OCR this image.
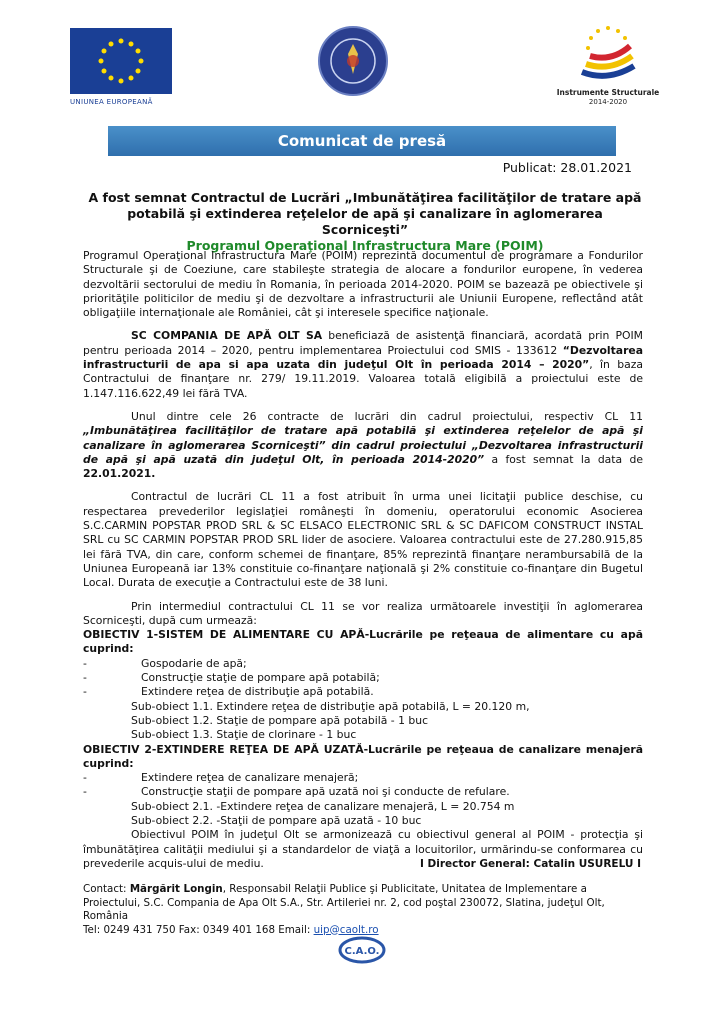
UNIUNEA EUROPEANĂ
Instrumente Structurale
2014-2020
Comunicat de presă
Publicat: 28.01.2021
A fost semnat Contractul de Lucrări „Imbunătăţirea facilităţilor de tratare apă potabilă şi extinderea reţelelor de apă şi canalizare în aglomerarea Scorniceşti”
Programul Operaţional Infrastructura Mare (POIM)

Programul Operaţional Infrastructura Mare (POIM) reprezintă documentul de programare a Fondurilor Structurale şi de Coeziune, care stabileşte strategia de alocare a fondurilor europene, în vederea dezvoltării sectorului de mediu în Romania, în perioada 2014-2020. POIM se bazează pe obiectivele şi priorităţile politicilor de mediu şi de dezvoltare a infrastructurii ale Uniunii Europene, reflectând atât obligaţiile internaţionale ale României, cât şi interesele specifice naţionale.

SC COMPANIA DE APĂ OLT SA beneficiază de asistenţă financiară, acordată prin POIM pentru perioada 2014 – 2020, pentru implementarea Proiectului cod SMIS - 133612 “Dezvoltarea infrastructurii de apa si apa uzata din judeţul Olt în perioada 2014 – 2020”, în baza Contractului de finanţare nr. 279/ 19.11.2019. Valoarea totală eligibilă a proiectului este de 1.147.116.622,49 lei fără TVA.

Unul dintre cele 26 contracte de lucrări din cadrul proiectului, respectiv CL 11 „Imbunătăţirea facilităţilor de tratare apă potabilă şi extinderea reţelelor de apă şi canalizare în aglomerarea Scorniceşti” din cadrul proiectului „Dezvoltarea infrastructurii de apă şi apă uzată din judeţul Olt, în perioada 2014-2020” a fost semnat la data de 22.01.2021.

Contractul de lucrări CL 11 a fost atribuit în urma unei licitaţii publice deschise, cu respectarea prevederilor legislaţiei româneşti în domeniu, operatorului economic Asocierea S.C.CARMIN POPSTAR PROD SRL & SC ELSACO ELECTRONIC SRL & SC DAFICOM CONSTRUCT INSTAL SRL cu SC CARMIN POPSTAR PROD SRL lider de asociere. Valoarea contractului este de 27.280.915,85 lei fără TVA, din care, conform schemei de finanţare, 85% reprezintă finanţare nerambursabilă de la Uniunea Europeană iar 13% constituie co-finanţare naţională şi 2% constituie co-finanţare din Bugetul Local. Durata de execuţie a Contractului este de 38 luni.

Prin intermediul contractului CL 11 se vor realiza următoarele investiţii în aglomerarea Scorniceşti, după cum urmează:

OBIECTIV 1-SISTEM DE ALIMENTARE CU APĂ-Lucrările pe reţeaua de alimentare cu apă cuprind:
-	Gospodarie de apă;
-	Construcţie staţie de pompare apă potabilă;
-	Extindere reţea de distribuţie apă potabilă.
Sub-obiect 1.1. Extindere reţea de distribuţie apă potabilă, L = 20.120 m,
Sub-obiect 1.2. Staţie de pompare apă potabilă - 1 buc
Sub-obiect 1.3. Staţie de clorinare - 1 buc
OBIECTIV 2-EXTINDERE REŢEA DE APĂ UZATĂ-Lucrările pe reţeaua de canalizare menajeră cuprind:
-	Extindere reţea de canalizare menajeră;
-	Construcţie staţii de pompare apă uzată noi şi conducte de refulare.
Sub-obiect 2.1. -Extindere reţea de canalizare menajeră, L = 20.754 m
Sub-obiect 2.2. -Staţii de pompare apă uzată - 10 buc

Obiectivul POIM în judeţul Olt se armonizează cu obiectivul general al POIM - protecţia şi îmbunătăţirea calităţii mediului şi a standardelor de viaţă a locuitorilor, urmărindu-se conformarea cu prevederile acquis-ului de mediu.	I Director General: Catalin USURELU I
Contact: Mărgărit Longin, Responsabil Relaţii Publice şi Publicitate, Unitatea de Implementare a Proiectului, S.C. Compania de Apa Olt S.A., Str. Artileriei nr. 2, cod poştal 230072, Slatina, judeţul Olt, România
Tel: 0249 431 750 Fax: 0349 401 168 Email: uip@caolt.ro
C.A.O.
